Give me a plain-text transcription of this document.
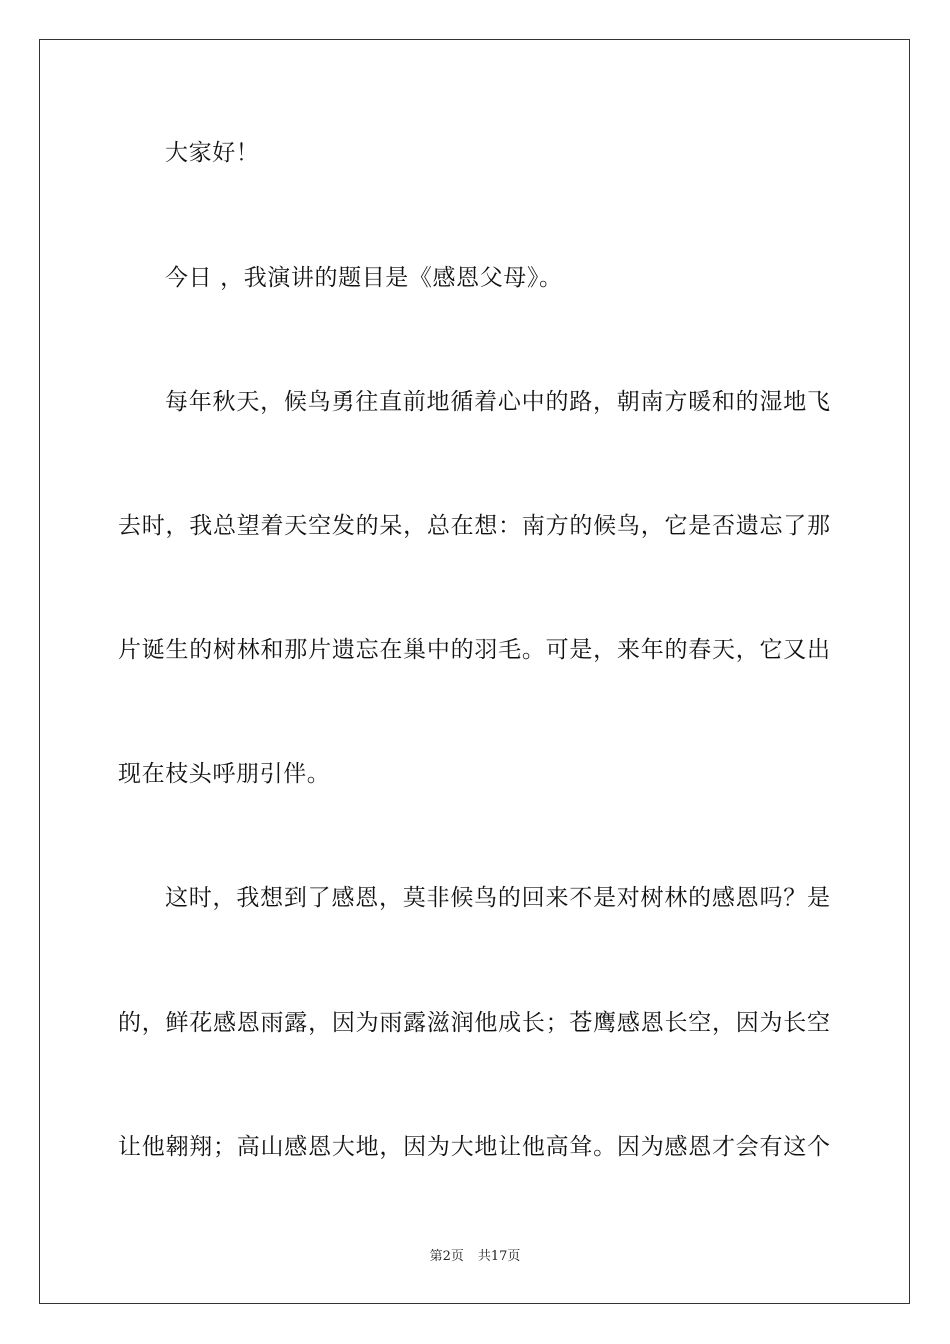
大家好！
今日 ，我演讲的题目是《感恩父母》。
每年秋天，候鸟勇往直前地循着心中的路，朝南方暖和的湿地飞
去时，我总望着天空发的呆，总在想：南方的候鸟，它是否遗忘了那
片诞生的树林和那片遗忘在巢中的羽毛。可是，来年的春天，它又出
现在枝头呼朋引伴。
这时，我想到了感恩，莫非候鸟的回来不是对树林的感恩吗？是
的，鲜花感恩雨露，因为雨露滋润他成长；苍鹰感恩长空，因为长空
让他翱翔；高山感恩大地，因为大地让他高耸。因为感恩才会有这个
第2页 共17页
